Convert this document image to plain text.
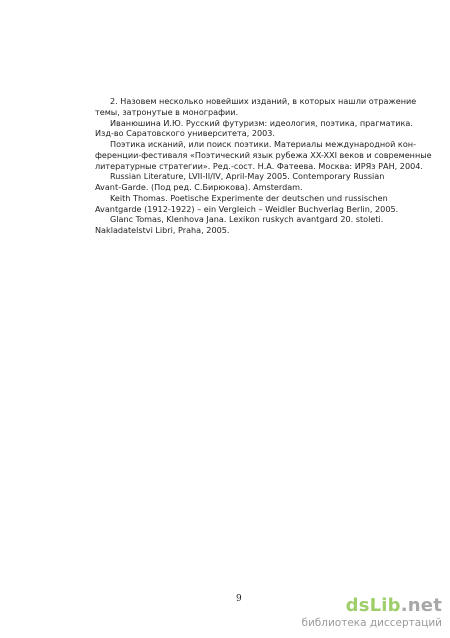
2. Назовем несколько новейших изданий, в которых нашли отражение
темы, затронутые в монографии.
Иванюшина И.Ю. Русский футуризм: идеология, поэтика, прагматика.
Изд-во Саратовского университета, 2003.
Поэтика исканий, или поиск поэтики. Материалы международной кон-
ференции-фестиваля «Поэтический язык рубежа XX-XXI веков и современные
литературные стратегии». Ред.-сост. Н.А. Фатеева. Москва: ИРЯз РАН, 2004.
Russian Literature, LVII-II/IV, April-May 2005. Contemporary Russian
Avant-Garde. (Под ред. С.Бирюкова). Amsterdam.
Keith Thomas. Poetische Experimente der deutschen und russischen
Avantgarde (1912-1922) – ein Vergleich – Weidler Buchverlag Berlin, 2005.
Glanc Tomas, Klenhova Jana. Lexikon ruskych avantgard 20. stoleti.
Nakladatelstvi Libri, Praha, 2005.
9	dsLib.net
библиотека диссертаций
